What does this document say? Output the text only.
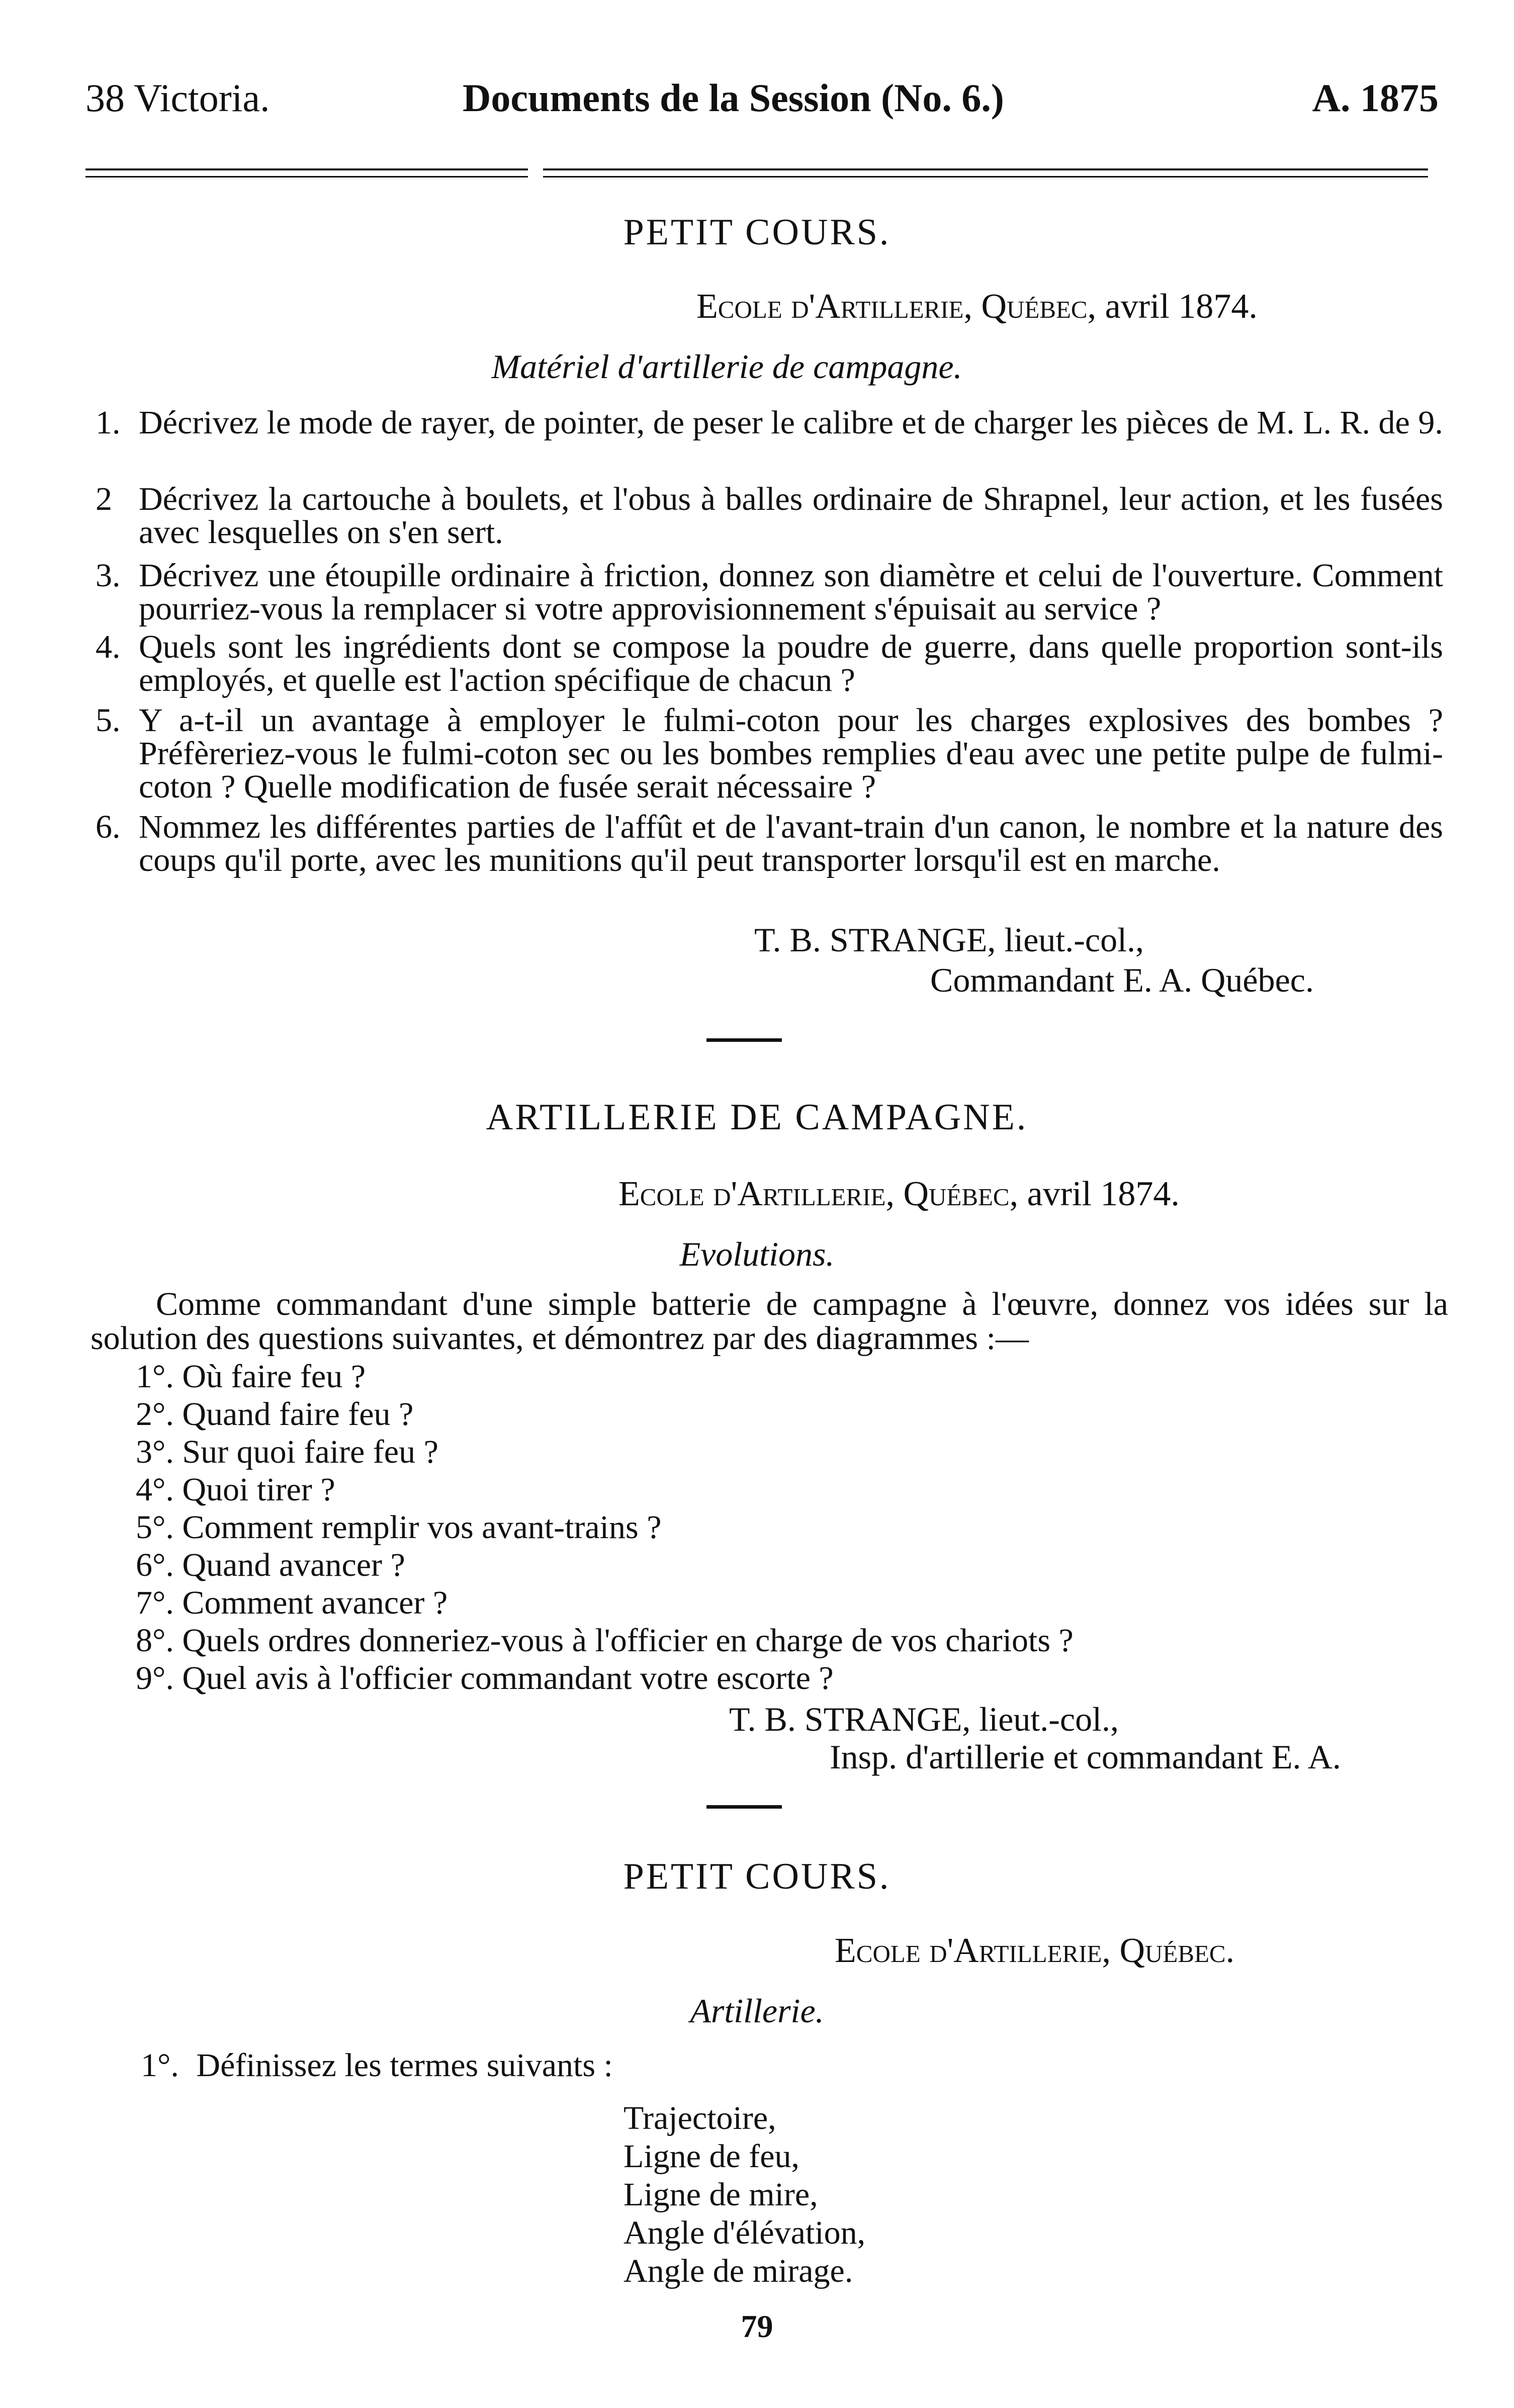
38 Victoria.	Documents de la Session (No. 6.)	A. 1875
PETIT COURS.
Ecole d'Artillerie, Québec, avril 1874.
Matériel d'artillerie de campagne.
1. Décrivez le mode de rayer, de pointer, de peser le calibre et de charger les pièces de M. L. R. de 9.
2 Décrivez la cartouche à boulets, et l'obus à balles ordinaire de Shrapnel, leur action, et les fusées avec lesquelles on s'en sert.
3. Décrivez une étoupille ordinaire à friction, donnez son diamètre et celui de l'ouverture. Comment pourriez-vous la remplacer si votre approvisionnement s'épuisait au service ?
4. Quels sont les ingrédients dont se compose la poudre de guerre, dans quelle proportion sont-ils employés, et quelle est l'action spécifique de chacun ?
5. Y a-t-il un avantage à employer le fulmi-coton pour les charges explosives des bombes ? Préfèreriez-vous le fulmi-coton sec ou les bombes remplies d'eau avec une petite pulpe de fulmi-coton ? Quelle modification de fusée serait nécessaire ?
6. Nommez les différentes parties de l'affût et de l'avant-train d'un canon, le nombre et la nature des coups qu'il porte, avec les munitions qu'il peut transporter lorsqu'il est en marche.
T. B. STRANGE, lieut.-col.,
Commandant E. A. Québec.
ARTILLERIE DE CAMPAGNE.
Ecole d'Artillerie, Québec, avril 1874.
Evolutions.
Comme commandant d'une simple batterie de campagne à l'œuvre, donnez vos idées sur la solution des questions suivantes, et démontrez par des diagrammes :—
1°. Où faire feu ?
2°. Quand faire feu ?
3°. Sur quoi faire feu ?
4°. Quoi tirer ?
5°. Comment remplir vos avant-trains ?
6°. Quand avancer ?
7°. Comment avancer ?
8°. Quels ordres donneriez-vous à l'officier en charge de vos chariots ?
9°. Quel avis à l'officier commandant votre escorte ?
T. B. STRANGE, lieut.-col.,
Insp. d'artillerie et commandant E. A.
PETIT COURS.
Ecole d'Artillerie, Québec.
Artillerie.
1°. Définissez les termes suivants :
Trajectoire,
Ligne de feu,
Ligne de mire,
Angle d'élévation,
Angle de mirage.
79
